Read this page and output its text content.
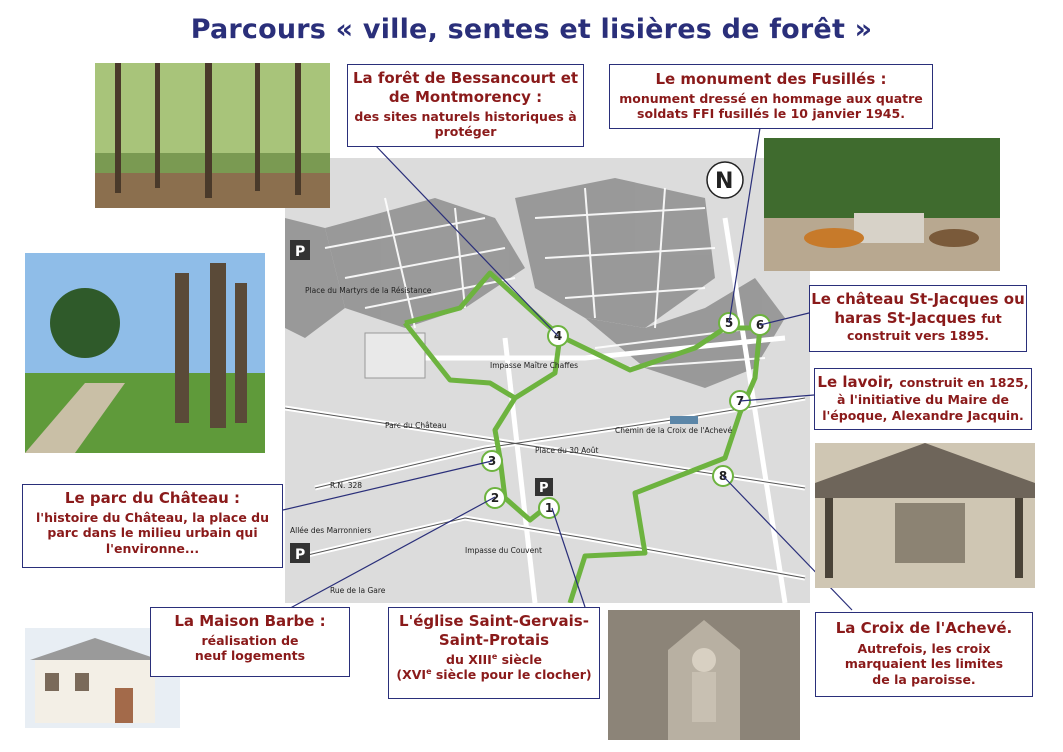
Parcours « ville, sentes et lisières de forêt »
P
P
P
N
Place du Martyrs de la Résistance
Rue de la Gare
Impasse du Couvent
Impasse Maître Chaffes
Place du 30 Août
Chemin de la Croix de l'Achevé
Allée des Marronniers
Parc du Château
R.N. 328
1
2
3
4
5 6
7
8
La forêt de Bessancourt et de Montmorency :
des sites naturels historiques à protéger
Le monument des Fusillés :
monument dressé en hommage aux quatre soldats FFI fusillés le 10 janvier 1945.
Le château St-Jacques ou haras St-Jacques fut
construit vers 1895.
Le lavoir, construit en 1825,
à l'initiative du Maire de l'époque, Alexandre Jacquin.
Le parc du Château :
l'histoire du Château, la place du parc dans le milieu urbain qui l'environne...
La Maison Barbe :
réalisation de neuf logements
L'église Saint-Gervais-Saint-Protais
du XIIIe siècle
(XVIe siècle pour le clocher)
La Croix de l'Achevé.
Autrefois, les croix marquaient les limites de la paroisse.
